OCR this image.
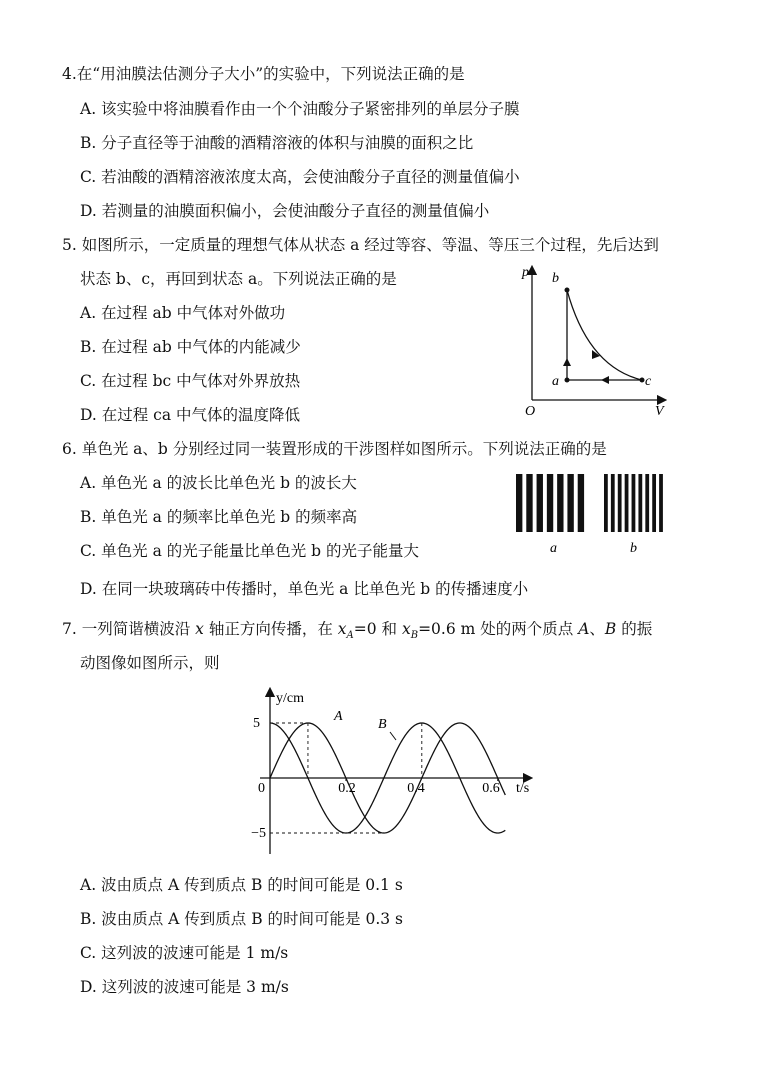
4.在“用油膜法估测分子大小”的实验中，下列说法正确的是
A. 该实验中将油膜看作由一个个油酸分子紧密排列的单层分子膜
B. 分子直径等于油酸的酒精溶液的体积与油膜的面积之比
C. 若油酸的酒精溶液浓度太高，会使油酸分子直径的测量值偏小
D. 若测量的油膜面积偏小，会使油酸分子直径的测量值偏小
5. 如图所示，一定质量的理想气体从状态 a 经过等容、等温、等压三个过程，先后达到
状态 b、c，再回到状态 a。下列说法正确的是
A. 在过程 ab 中气体对外做功
B. 在过程 ab 中气体的内能减少
C. 在过程 bc 中气体对外界放热
D. 在过程 ca 中气体的温度降低
p
V
O
a
b
c
6. 单色光 a、b 分别经过同一装置形成的干涉图样如图所示。下列说法正确的是
A. 单色光 a 的波长比单色光 b 的波长大
B. 单色光 a 的频率比单色光 b 的频率高
C. 单色光 a 的光子能量比单色光 b 的光子能量大
D. 在同一块玻璃砖中传播时，单色光 a 比单色光 b 的传播速度小
a	b
7. 一列简谐横波沿 x 轴正方向传播，在 $x_A=0$ 和 $x_B=0.6$ m 处的两个质点 A、B 的振
动图像如图所示，则
y/cm
t/s
0
5
−5
0.2	0.4	0.6
A
B
A. 波由质点 A 传到质点 B 的时间可能是 0.1 s
B. 波由质点 A 传到质点 B 的时间可能是 0.3 s
C. 这列波的波速可能是 1 m/s
D. 这列波的波速可能是 3 m/s
